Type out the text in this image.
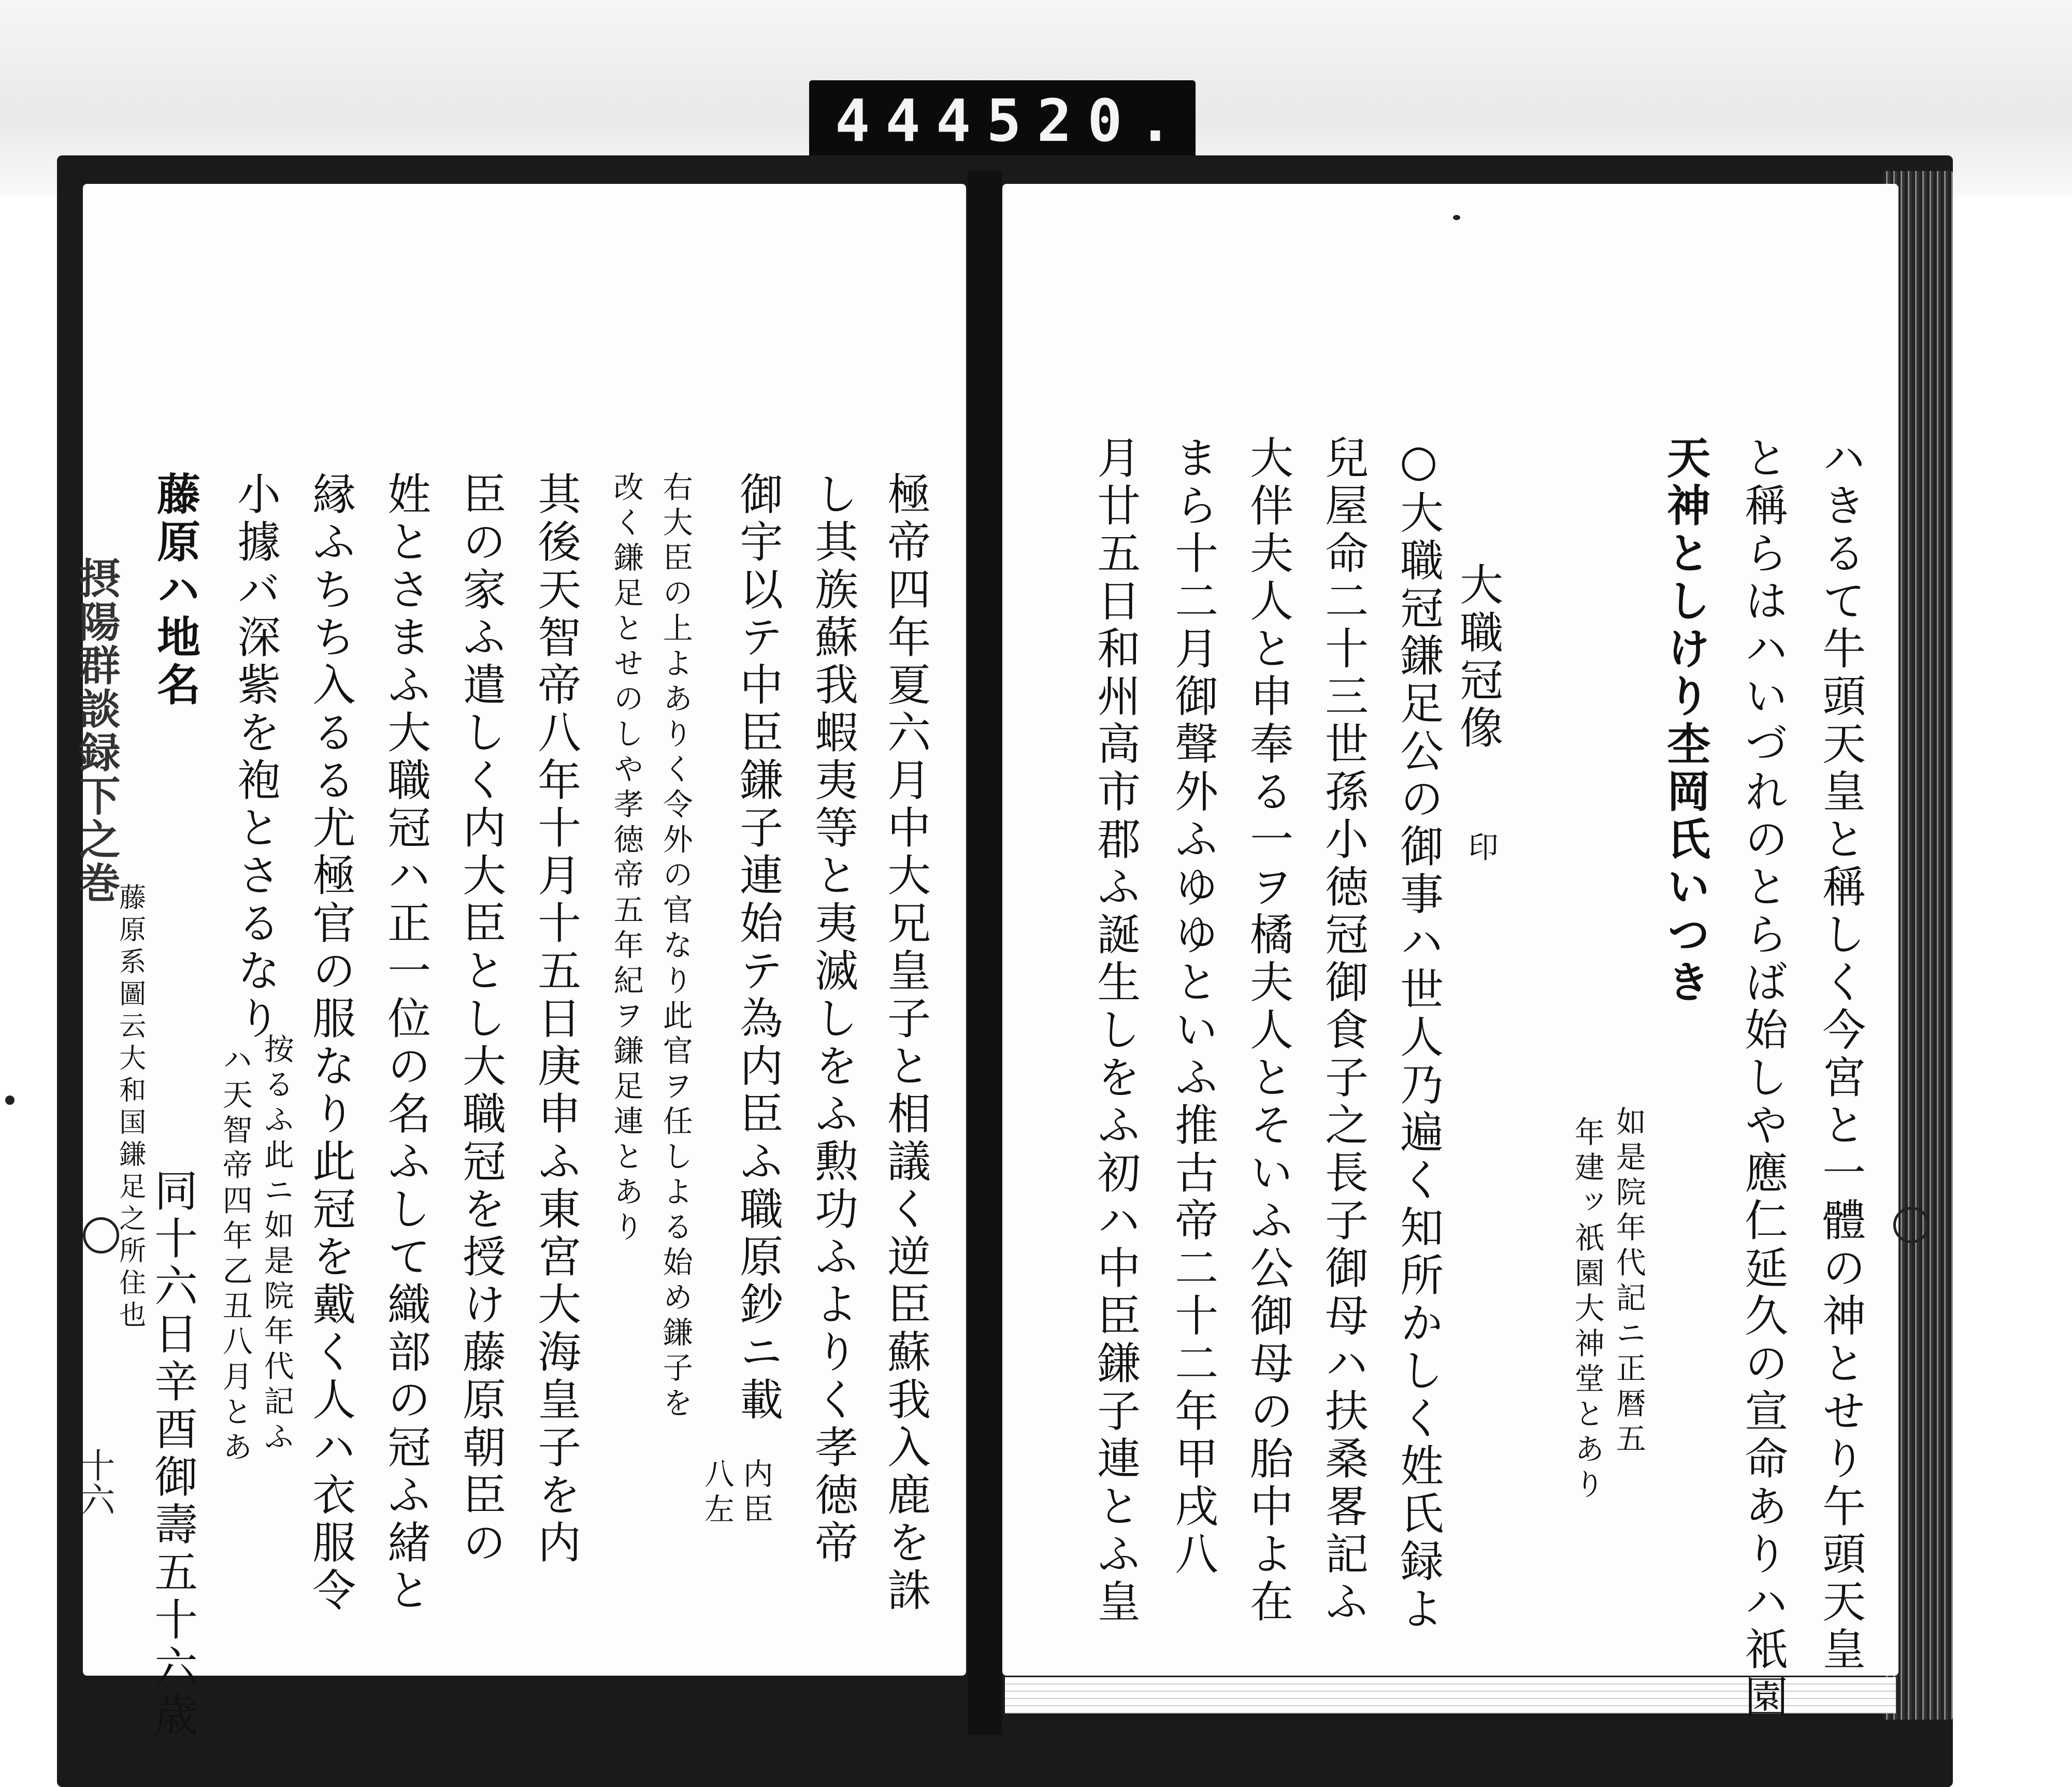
444 520.
ハきるて牛頭天皇と稱しく今宮と一體の神とせり午頭天皇
と稱らはハいづれのとらば始しや應仁延久の宣命ありハ祇園
天神としけり杢岡氏いつき
如是院年代記ニ正暦五
年建ッ祇園大神堂とあり
大職冠像
印
○大職冠鎌足公の御事ハ世人乃遍く知所かしく姓氏録よ
兒屋命二十三世孫小徳冠御食子之長子御母ハ扶桑畧記ふ
大伴夫人と申奉る一ヲ橘夫人とそいふ公御母の胎中よ在
まら十二月御聲外ふゆゆといふ推古帝二十二年甲戌八
月廿五日和州高市郡ふ誕生しをふ初ハ中臣鎌子連とふ皇
極帝四年夏六月中大兄皇子と相議く逆臣蘇我入鹿を誅
し其族蘇我蝦夷等と夷滅しをふ勲功ふよりく孝徳帝
御宇以テ中臣鎌子連始テ為内臣ふ職原鈔ニ載
内臣
八左
右大臣の上よありく令外の官なり此官ヲ任しよる始め鎌子を
改く鎌足とせのしや孝徳帝五年紀ヲ鎌足連とあり
其後天智帝八年十月十五日庚申ふ東宮大海皇子を内
臣の家ふ遣しく内大臣とし大職冠を授け藤原朝臣の
姓とさまふ大職冠ハ正一位の名ふして織部の冠ふ緒と
縁ふちち入るる尤極官の服なり此冠を戴く人ハ衣服令
按るふ此ニ如是院年代記ふ
ハ天智帝四年乙丑八月とあ
小據バ深紫を袍とさるなり
藤原ハ地名
藤原系圖云大和国鎌足之所住也
同十六日辛酉御壽五十六歳
摂陽群談録下之巻
十六
